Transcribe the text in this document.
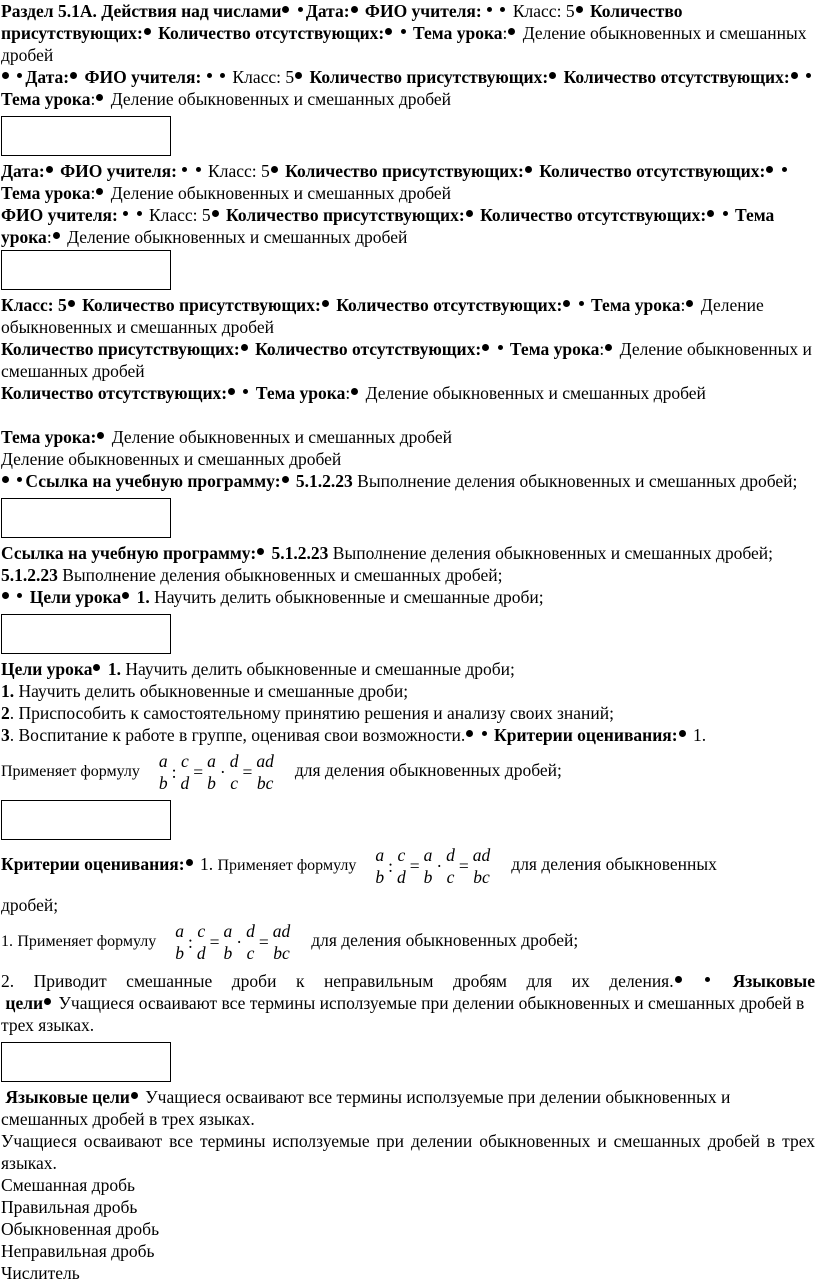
Раздел 5.1A. Действия над числами Дата: ФИО учителя: Класс: 5 Количество присутствующих: Количество отсутствующих: Тема урока: Деление обыкновенных и смешанных дробей

Дата: ФИО учителя: Класс: 5 Количество присутствующих: Количество отсутствующих:  Тема урока: Деление обыкновенных и смешанных дробей

Дата: ФИО учителя: Класс: 5 Количество присутствующих: Количество отсутствующих:  Тема урока: Деление обыкновенных и смешанных дробей

ФИО учителя: Класс: 5 Количество присутствующих: Количество отсутствующих: Тема урока: Деление обыкновенных и смешанных дробей

Класс: 5 Количество присутствующих: Количество отсутствующих: Тема урока: Деление обыкновенных и смешанных дробей

Количество присутствующих: Количество отсутствующих: Тема урока: Деление обыкновенных и смешанных дробей

Количество отсутствующих: Тема урока: Деление обыкновенных и смешанных дробей

Тема урока: Деление обыкновенных и смешанных дробей

Деление обыкновенных и смешанных дробей

Ссылка на учебную программу: 5.1.2.23 Выполнение деления обыкновенных и смешанных дробей;

Ссылка на учебную программу: 5.1.2.23 Выполнение деления обыкновенных и смешанных дробей;

5.1.2.23 Выполнение деления обыкновенных и смешанных дробей;

Цели урока 1. Научить делить обыкновенные и смешанные дроби;

Цели урока 1. Научить делить обыкновенные и смешанные дроби;

1. Научить делить обыкновенные и смешанные дроби;

2. Приспособить к самостоятельному принятию решения и анализу своих знаний;

3. Воспитание к работе в группе, оценивая свои возможности. Критерии оценивания: 1.

Применяет формулу
a
b
:
c
d
=
a
b
·
d
c
=
ad
bc
для деления обыкновенных дробей;

Критерии оценивания: 1. Применяет формулу
a
b
:
c
d
=
a
b
·
d
c
=
ad
bc
для деления обыкновенных

дробей;

1. Применяет формулу
a
b
:
c
d
=
a
b
·
d
c
=
ad
bc
для деления обыкновенных дробей;

2. Приводит смешанные дроби к неправильным дробям для их деления.	Языковые

цели Учащиеся осваивают все термины исползуемые при делении обыкновенных и смешанных дробей в трех языках.

Языковые цели Учащиеся осваивают все термины исползуемые при делении обыкновенных и смешанных дробей в трех языках.

Учащиеся осваивают все термины исползуемые при делении обыкновенных и смешанных дробей в трех языках.

Смешанная дробь

Правильная дробь

Обыкновенная дробь

Неправильная дробь

Числитель
